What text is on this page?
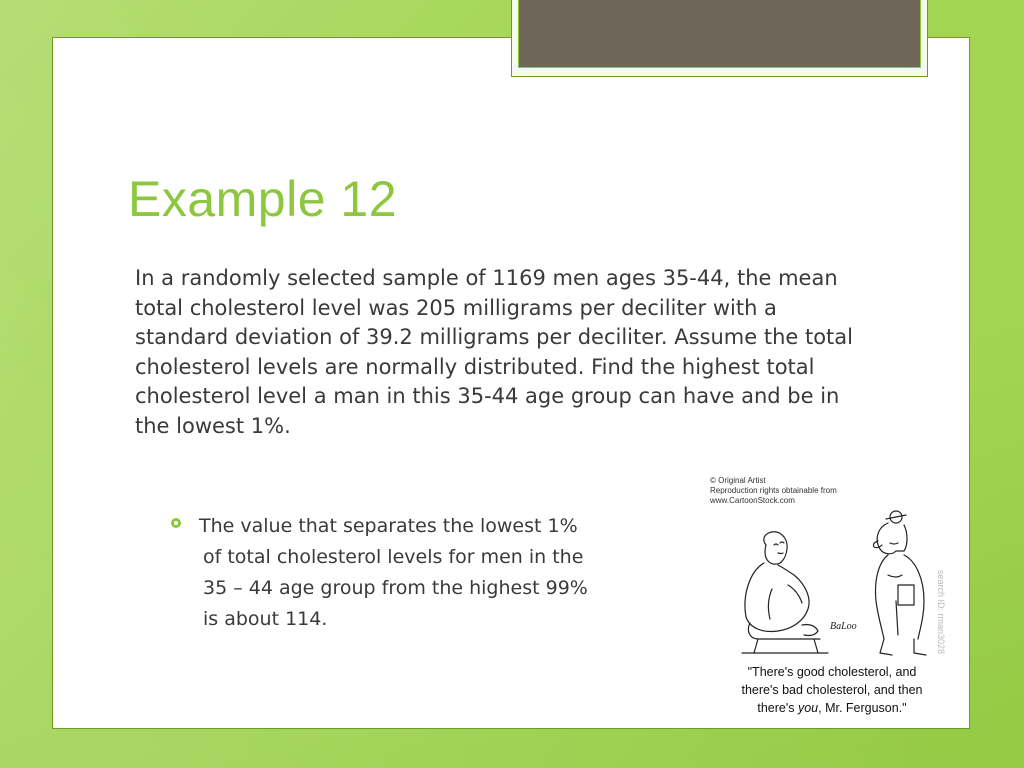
Example 12

In a randomly selected sample of 1169 men ages 35-44, the mean total cholesterol level was 205 milligrams per deciliter with a standard deviation of 39.2 milligrams per deciliter. Assume the total cholesterol levels are normally distributed. Find the highest total cholesterol level a man in this 35-44 age group can have and be in the lowest 1%.

The value that separates the lowest 1%
of total cholesterol levels for men in the
35 – 44 age group from the highest 99%
is about 114.

© Original Artist
Reproduction rights obtainable from
www.CartoonStock.com

BaLoo	search ID: rman3028

"There's good cholesterol, and
there's bad cholesterol, and then
there's you, Mr. Ferguson."
